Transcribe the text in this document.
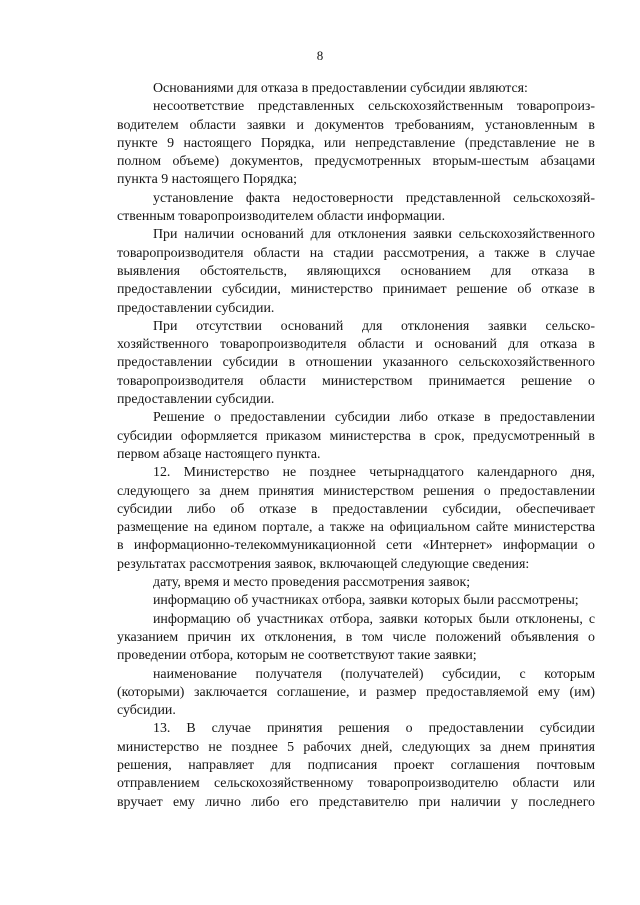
8
Основаниями для отказа в предоставлении субсидии являются:
несоответствие представленных сельскохозяйственным товаропроиз-
водителем области заявки и документов требованиям, установленным в
пункте 9 настоящего Порядка, или непредставление (представление не в
полном объеме) документов, предусмотренных вторым-шестым абзацами
пункта 9 настоящего Порядка;
установление факта недостоверности представленной сельскохозяй-
ственным товаропроизводителем области информации.
При наличии оснований для отклонения заявки сельскохозяйственного
товаропроизводителя области на стадии рассмотрения, а также в случае
выявления обстоятельств, являющихся основанием для отказа в
предоставлении субсидии, министерство принимает решение об отказе в
предоставлении субсидии.
При отсутствии оснований для отклонения заявки сельско-
хозяйственного товаропроизводителя области и оснований для отказа в
предоставлении субсидии в отношении указанного сельскохозяйственного
товаропроизводителя области министерством принимается решение о
предоставлении субсидии.
Решение о предоставлении субсидии либо отказе в предоставлении
субсидии оформляется приказом министерства в срок, предусмотренный в
первом абзаце настоящего пункта.
12. Министерство не позднее четырнадцатого календарного дня,
следующего за днем принятия министерством решения о предоставлении
субсидии либо об отказе в предоставлении субсидии, обеспечивает
размещение на едином портале, а также на официальном сайте министерства
в информационно-телекоммуникационной сети «Интернет» информации о
результатах рассмотрения заявок, включающей следующие сведения:
дату, время и место проведения рассмотрения заявок;
информацию об участниках отбора, заявки которых были рассмотрены;
информацию об участниках отбора, заявки которых были отклонены, с
указанием причин их отклонения, в том числе положений объявления о
проведении отбора, которым не соответствуют такие заявки;
наименование получателя (получателей) субсидии, с которым
(которыми) заключается соглашение, и размер предоставляемой ему (им)
субсидии.
13. В случае принятия решения о предоставлении субсидии
министерство не позднее 5 рабочих дней, следующих за днем принятия
решения, направляет для подписания проект соглашения почтовым
отправлением сельскохозяйственному товаропроизводителю области или
вручает ему лично либо его представителю при наличии у последнего
